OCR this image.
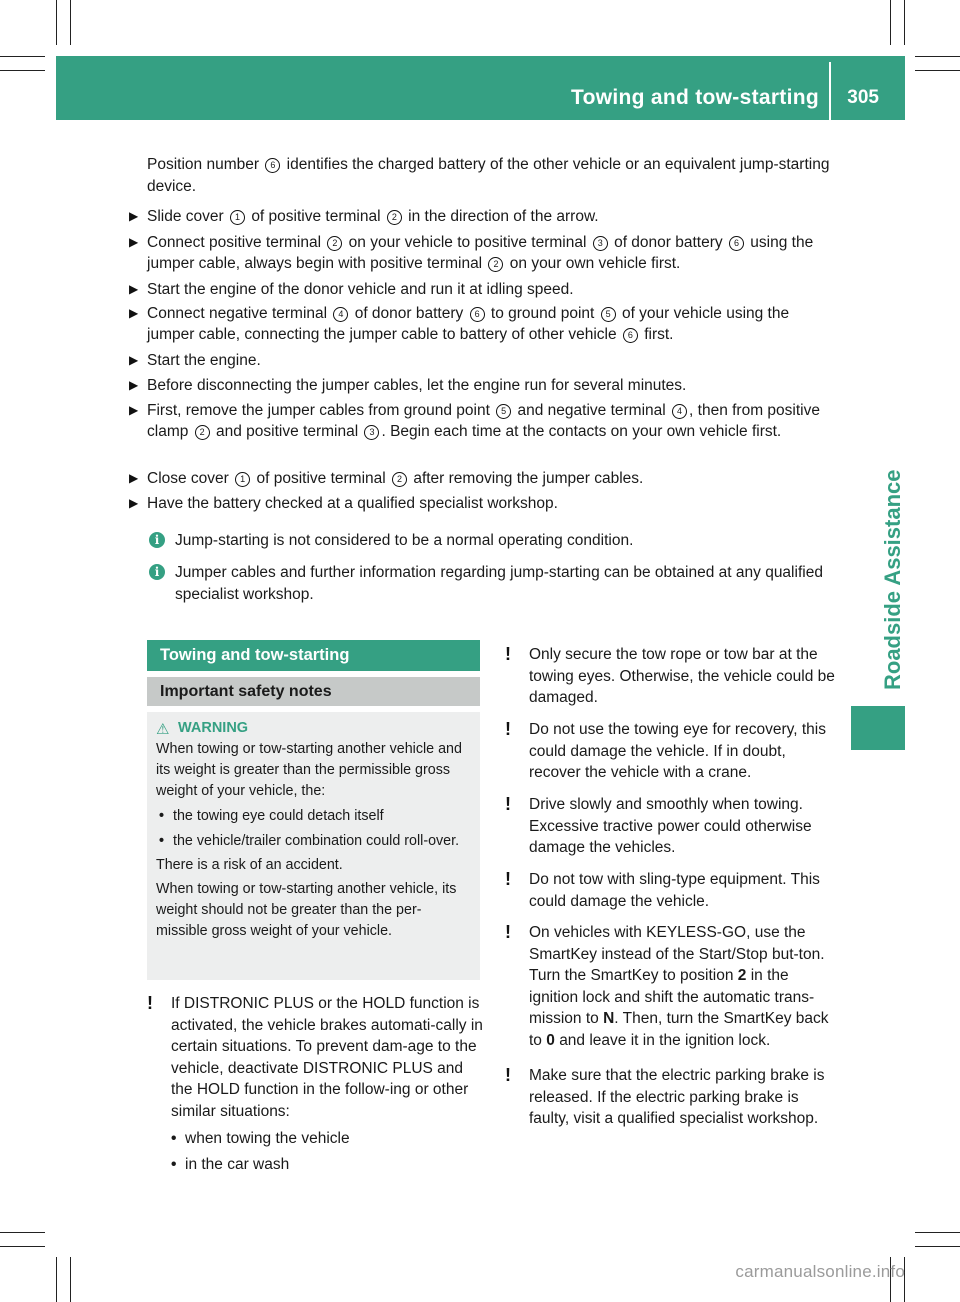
Towing and tow-starting 305
Roadside Assistance
Position number 6 identifies the charged battery of the other vehicle or an equivalent jump-starting device.
▶ Slide cover 1 of positive terminal 2 in the direction of the arrow.
▶ Connect positive terminal 2 on your vehicle to positive terminal 3 of donor battery 6 using the jumper cable, always begin with positive terminal 2 on your own vehicle first.
▶ Start the engine of the donor vehicle and run it at idling speed.
▶ Connect negative terminal 4 of donor battery 6 to ground point 5 of your vehicle using the jumper cable, connecting the jumper cable to battery of other vehicle 6 first.
▶ Start the engine.
▶ Before disconnecting the jumper cables, let the engine run for several minutes.
▶ First, remove the jumper cables from ground point 5 and negative terminal 4 , then from positive clamp 2 and positive terminal 3 . Begin each time at the contacts on your own vehicle first.
▶ Close cover 1 of positive terminal 2 after removing the jumper cables.
▶ Have the battery checked at a qualified specialist workshop.
i	Jump-starting is not considered to be a normal operating condition.
i	Jumper cables and further information regarding jump-starting can be obtained at any qualified specialist workshop.
Towing and tow-starting
Important safety notes
⚠ WARNING

When towing or tow-starting another vehicle and its weight is greater than the permissible gross weight of your vehicle, the:

• the towing eye could detach itself
• the vehicle/trailer combination could roll-over.

There is a risk of an accident.

When towing or tow-starting another vehicle, its weight should not be greater than the per-missible gross weight of your vehicle.

! If DISTRONIC PLUS or the HOLD function is activated, the vehicle brakes automati-cally in certain situations. To prevent dam-age to the vehicle, deactivate DISTRONIC PLUS and the HOLD function in the follow-ing or other similar situations:
• when towing the vehicle
• in the car wash
! Only secure the tow rope or tow bar at the towing eyes. Otherwise, the vehicle could be damaged.
! Do not use the towing eye for recovery, this could damage the vehicle. If in doubt, recover the vehicle with a crane.
! Drive slowly and smoothly when towing. Excessive tractive power could otherwise damage the vehicles.
! Do not tow with sling-type equipment. This could damage the vehicle.
! On vehicles with KEYLESS-GO, use the SmartKey instead of the Start/Stop but-ton. Turn the SmartKey to position 2 in the ignition lock and shift the automatic trans-mission to N. Then, turn the SmartKey back to 0 and leave it in the ignition lock.
! Make sure that the electric parking brake is released. If the electric parking brake is faulty, visit a qualified specialist workshop.
carmanualsonline.info
